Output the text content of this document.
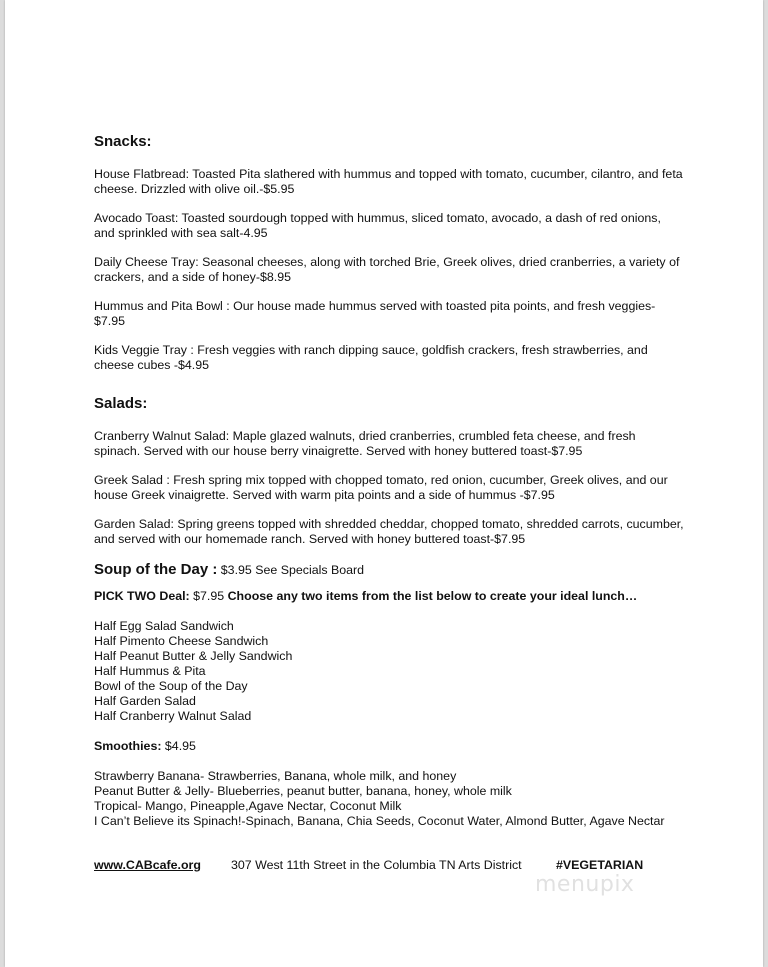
Snacks:
House Flatbread: Toasted Pita slathered with hummus and topped with tomato, cucumber, cilantro, and feta cheese. Drizzled with olive oil.-$5.95
Avocado Toast: Toasted sourdough topped with hummus, sliced tomato, avocado, a dash of red onions, and sprinkled with sea salt-4.95
Daily Cheese Tray: Seasonal cheeses, along with torched Brie, Greek olives, dried cranberries, a variety of crackers, and a side of honey-$8.95
Hummus and Pita Bowl : Our house made hummus served with toasted pita points, and fresh veggies- $7.95
Kids Veggie Tray : Fresh veggies with ranch dipping sauce, goldfish crackers, fresh strawberries, and cheese cubes -$4.95
Salads:
Cranberry Walnut Salad: Maple glazed walnuts, dried cranberries, crumbled feta cheese, and fresh spinach. Served with our house berry vinaigrette. Served with honey buttered toast-$7.95
Greek Salad : Fresh spring mix topped with chopped tomato, red onion, cucumber, Greek olives, and our house Greek vinaigrette. Served with warm pita points and a side of hummus -$7.95
Garden Salad: Spring greens topped with shredded cheddar, chopped tomato, shredded carrots, cucumber, and served with our homemade ranch. Served with honey buttered toast-$7.95
Soup of the Day : $3.95 See Specials Board
PICK TWO Deal: $7.95 Choose any two items from the list below to create your ideal lunch…
Half Egg Salad Sandwich
Half Pimento Cheese Sandwich
Half Peanut Butter & Jelly Sandwich
Half Hummus & Pita
Bowl of the Soup of the Day
Half Garden Salad
Half Cranberry Walnut Salad
Smoothies: $4.95
Strawberry Banana- Strawberries, Banana, whole milk, and honey
Peanut Butter & Jelly- Blueberries, peanut butter, banana, honey, whole milk
Tropical- Mango, Pineapple,Agave Nectar, Coconut Milk
I Can’t Believe its Spinach!-Spinach, Banana, Chia Seeds, Coconut Water, Almond Butter, Agave Nectar
www.CABcafe.org 307 West 11th Street in the Columbia TN Arts District	#VEGETARIAN
menupix
